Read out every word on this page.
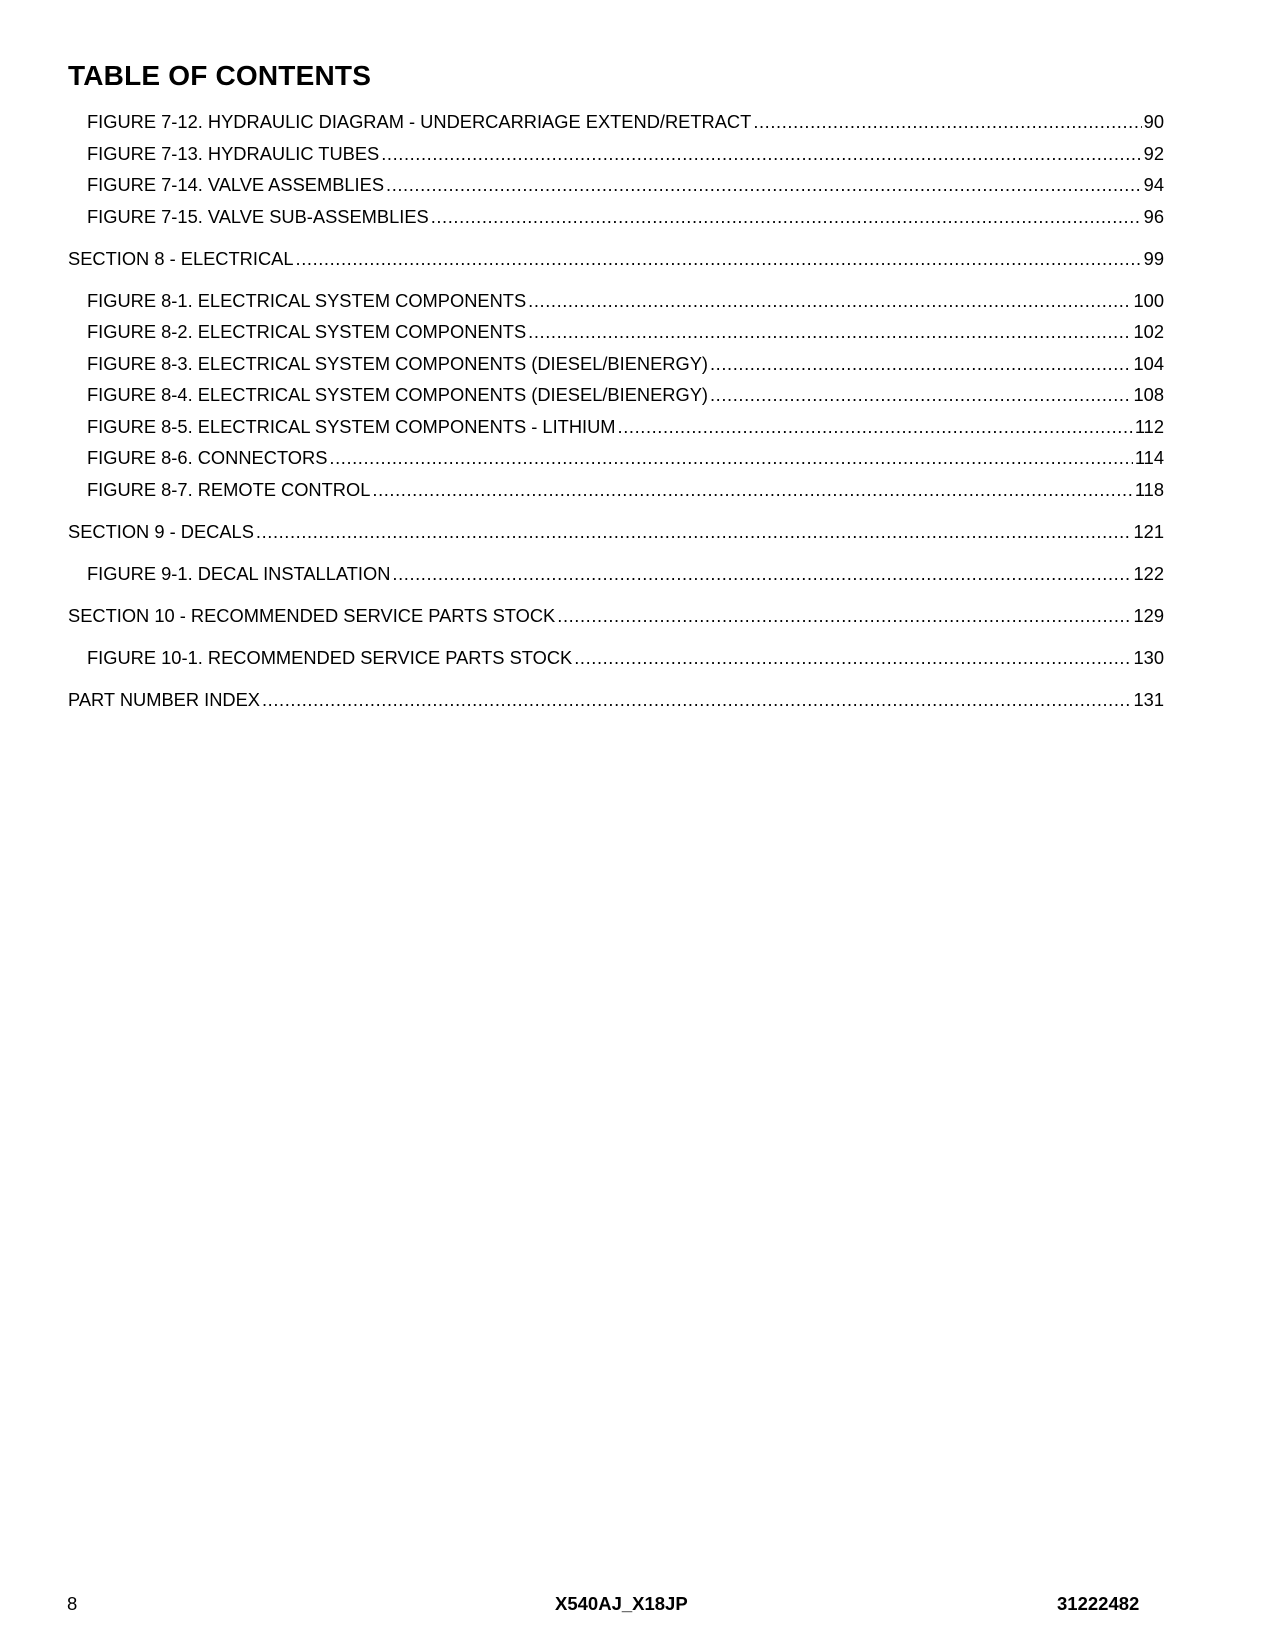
TABLE OF CONTENTS
FIGURE 7-12. HYDRAULIC DIAGRAM - UNDERCARRIAGE EXTEND/RETRACT .....	90
FIGURE 7-13. HYDRAULIC TUBES .....	92
FIGURE 7-14. VALVE ASSEMBLIES .....	94
FIGURE 7-15. VALVE SUB-ASSEMBLIES .....	96
SECTION 8 - ELECTRICAL .....	99
FIGURE 8-1. ELECTRICAL SYSTEM COMPONENTS .....	100
FIGURE 8-2. ELECTRICAL SYSTEM COMPONENTS .....	102
FIGURE 8-3. ELECTRICAL SYSTEM COMPONENTS (DIESEL/BIENERGY) .....	104
FIGURE 8-4. ELECTRICAL SYSTEM COMPONENTS (DIESEL/BIENERGY) .....	108
FIGURE 8-5. ELECTRICAL SYSTEM COMPONENTS - LITHIUM .....	112
FIGURE 8-6. CONNECTORS .....	114
FIGURE 8-7. REMOTE CONTROL .....	118
SECTION 9 - DECALS .....	121
FIGURE 9-1. DECAL INSTALLATION .....	122
SECTION 10 - RECOMMENDED SERVICE PARTS STOCK .....	129
FIGURE 10-1. RECOMMENDED SERVICE PARTS STOCK .....	130
PART NUMBER INDEX .....	131
8	X540AJ_X18JP	31222482
